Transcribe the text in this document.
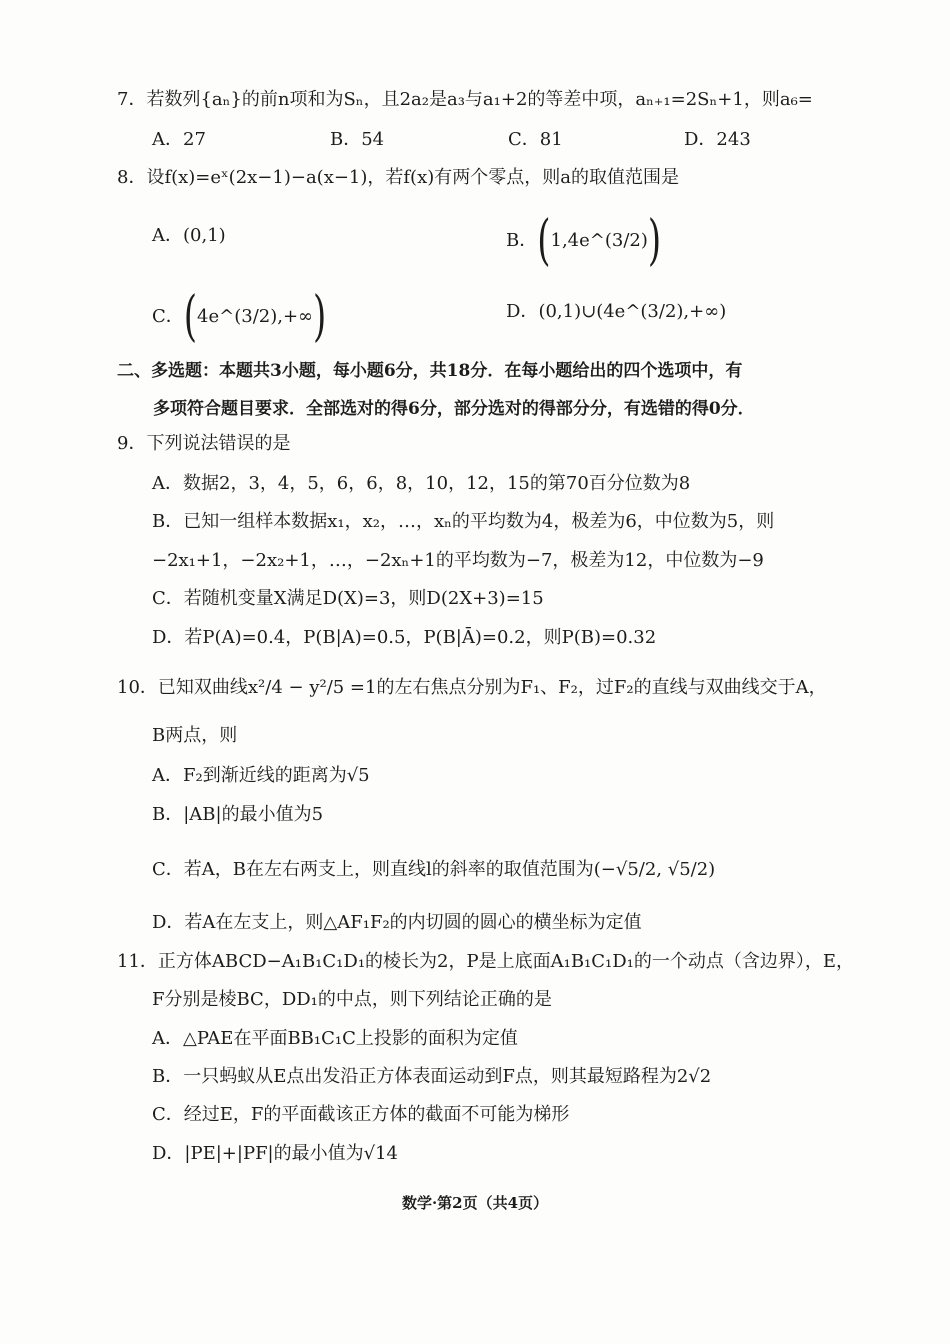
7．若数列{aₙ}的前n项和为Sₙ，且2a₂是a₃与a₁+2的等差中项，aₙ₊₁=2Sₙ+1，则a₆=
A．27	B．54	C．81	D．243
8．设f(x)=eˣ(2x−1)−a(x−1)，若f(x)有两个零点，则a的取值范围是
A．(0,1)	B．(1,4e^(3/2))
C．(4e^(3/2),+∞)	D．(0,1)∪(4e^(3/2),+∞)
二、多选题：本题共3小题，每小题6分，共18分．在每小题给出的四个选项中，有
多项符合题目要求．全部选对的得6分，部分选对的得部分分，有选错的得0分．
9．下列说法错误的是
A．数据2，3，4，5，6，6，8，10，12，15的第70百分位数为8
B．已知一组样本数据x₁，x₂，…，xₙ的平均数为4，极差为6，中位数为5，则
−2x₁+1，−2x₂+1，…，−2xₙ+1的平均数为−7，极差为12，中位数为−9
C．若随机变量X满足D(X)=3，则D(2X+3)=15
D．若P(A)=0.4，P(B|A)=0.5，P(B|Ā)=0.2，则P(B)=0.32
10．已知双曲线x²/4 − y²/5 =1的左右焦点分别为F₁、F₂，过F₂的直线与双曲线交于A，
B两点，则
A．F₂到渐近线的距离为√5
B．|AB|的最小值为5
C．若A，B在左右两支上，则直线l的斜率的取值范围为(−√5/2, √5/2)
D．若A在左支上，则△AF₁F₂的内切圆的圆心的横坐标为定值
11．正方体ABCD−A₁B₁C₁D₁的棱长为2，P是上底面A₁B₁C₁D₁的一个动点（含边界），E，
F分别是棱BC，DD₁的中点，则下列结论正确的是
A．△PAE在平面BB₁C₁C上投影的面积为定值
B．一只蚂蚁从E点出发沿正方体表面运动到F点，则其最短路程为2√2
C．经过E，F的平面截该正方体的截面不可能为梯形
D．|PE|+|PF|的最小值为√14
数学·第2页（共4页）
